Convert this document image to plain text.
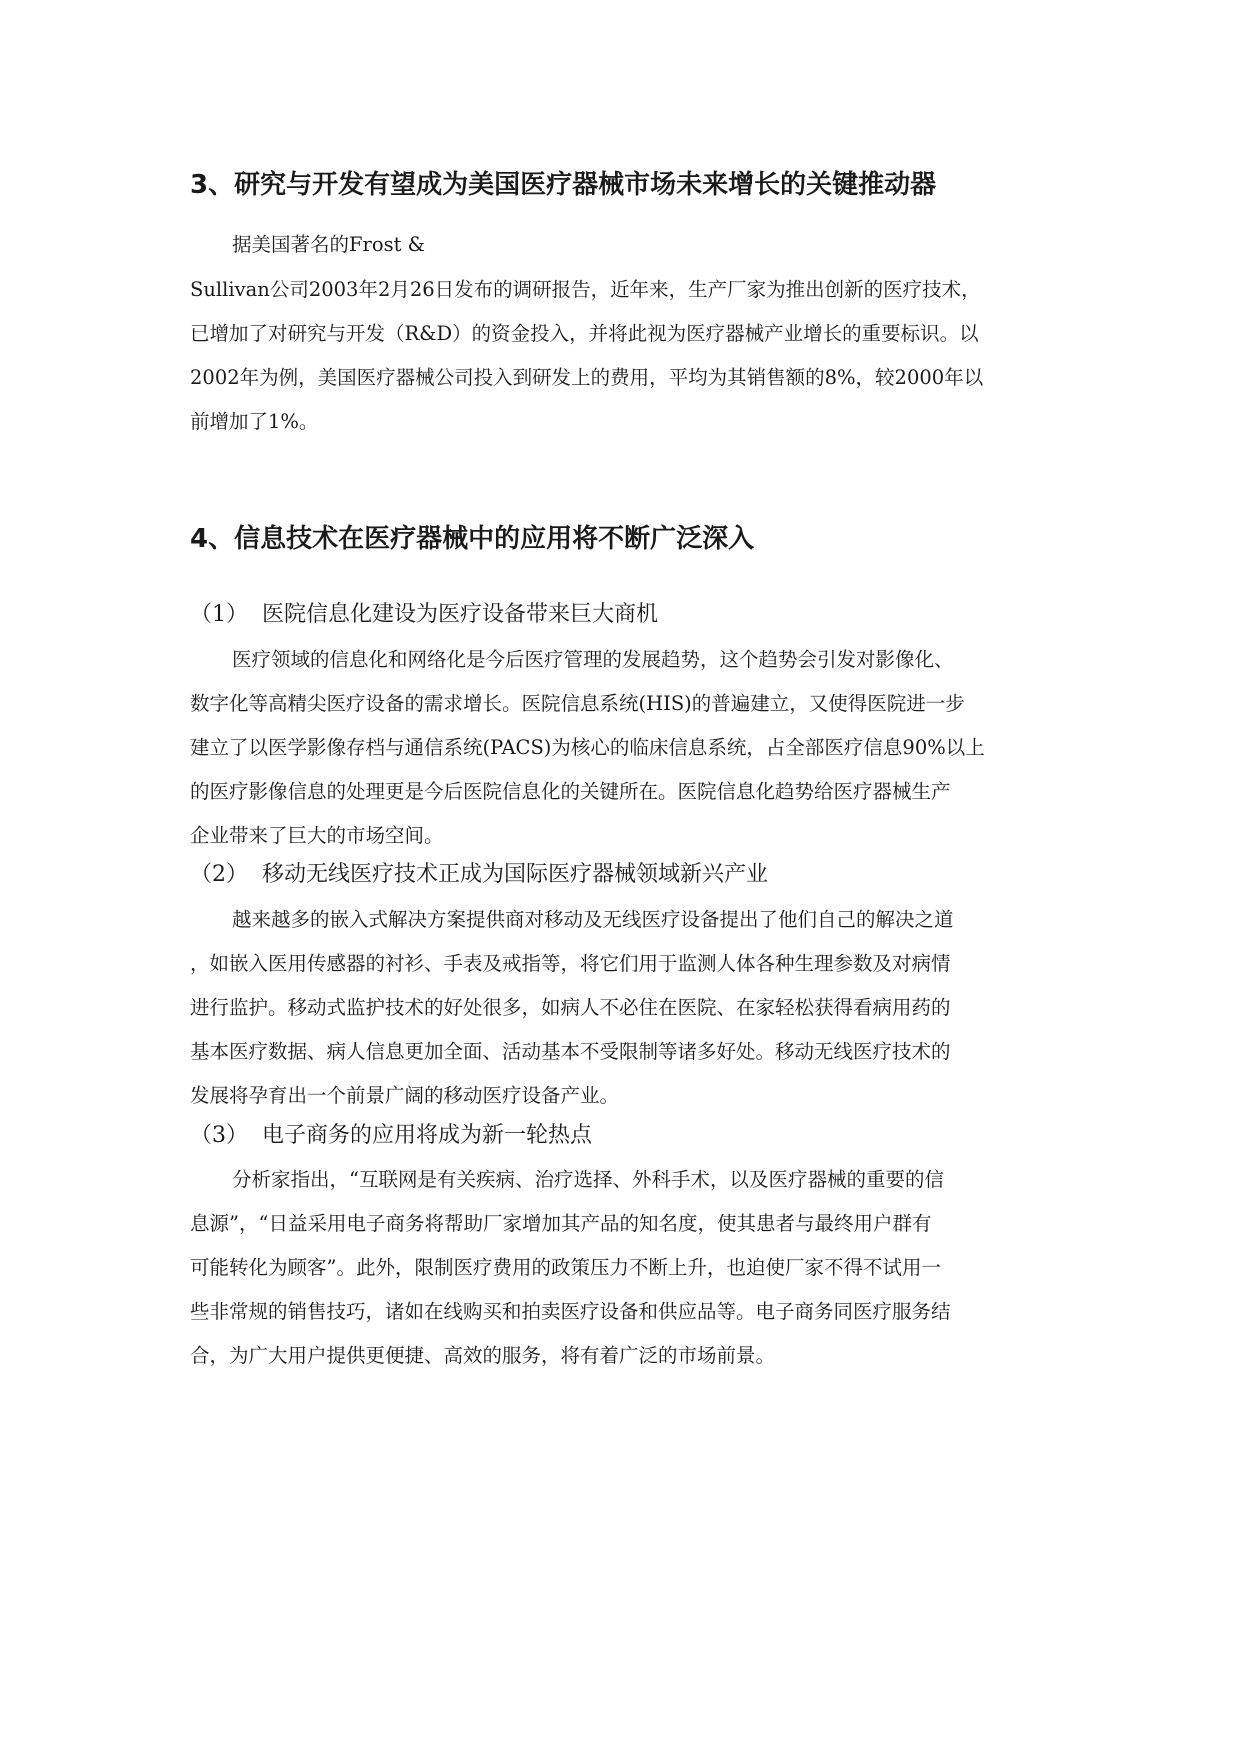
3、研究与开发有望成为美国医疗器械市场未来增长的关键推动器

据美国著名的Frost &

Sullivan公司2003年2月26日发布的调研报告，近年来，生产厂家为推出创新的医疗技术，

已增加了对研究与开发（R&D）的资金投入，并将此视为医疗器械产业增长的重要标识。以

2002年为例，美国医疗器械公司投入到研发上的费用，平均为其销售额的8%，较2000年以

前增加了1%。

4、信息技术在医疗器械中的应用将不断广泛深入
（1） 医院信息化建设为医疗设备带来巨大商机

医疗领域的信息化和网络化是今后医疗管理的发展趋势，这个趋势会引发对影像化、

数字化等高精尖医疗设备的需求增长。医院信息系统(HIS)的普遍建立，又使得医院进一步

建立了以医学影像存档与通信系统(PACS)为核心的临床信息系统，占全部医疗信息90%以上

的医疗影像信息的处理更是今后医院信息化的关键所在。医院信息化趋势给医疗器械生产

企业带来了巨大的市场空间。

（2） 移动无线医疗技术正成为国际医疗器械领域新兴产业

越来越多的嵌入式解决方案提供商对移动及无线医疗设备提出了他们自己的解决之道

，如嵌入医用传感器的衬衫、手表及戒指等，将它们用于监测人体各种生理参数及对病情

进行监护。移动式监护技术的好处很多，如病人不必住在医院、在家轻松获得看病用药的

基本医疗数据、病人信息更加全面、活动基本不受限制等诸多好处。移动无线医疗技术的

发展将孕育出一个前景广阔的移动医疗设备产业。

（3） 电子商务的应用将成为新一轮热点

分析家指出，“互联网是有关疾病、治疗选择、外科手术，以及医疗器械的重要的信

息源”，“日益采用电子商务将帮助厂家增加其产品的知名度，使其患者与最终用户群有

可能转化为顾客”。此外，限制医疗费用的政策压力不断上升，也迫使厂家不得不试用一

些非常规的销售技巧，诸如在线购买和拍卖医疗设备和供应品等。电子商务同医疗服务结

合，为广大用户提供更便捷、高效的服务，将有着广泛的市场前景。
